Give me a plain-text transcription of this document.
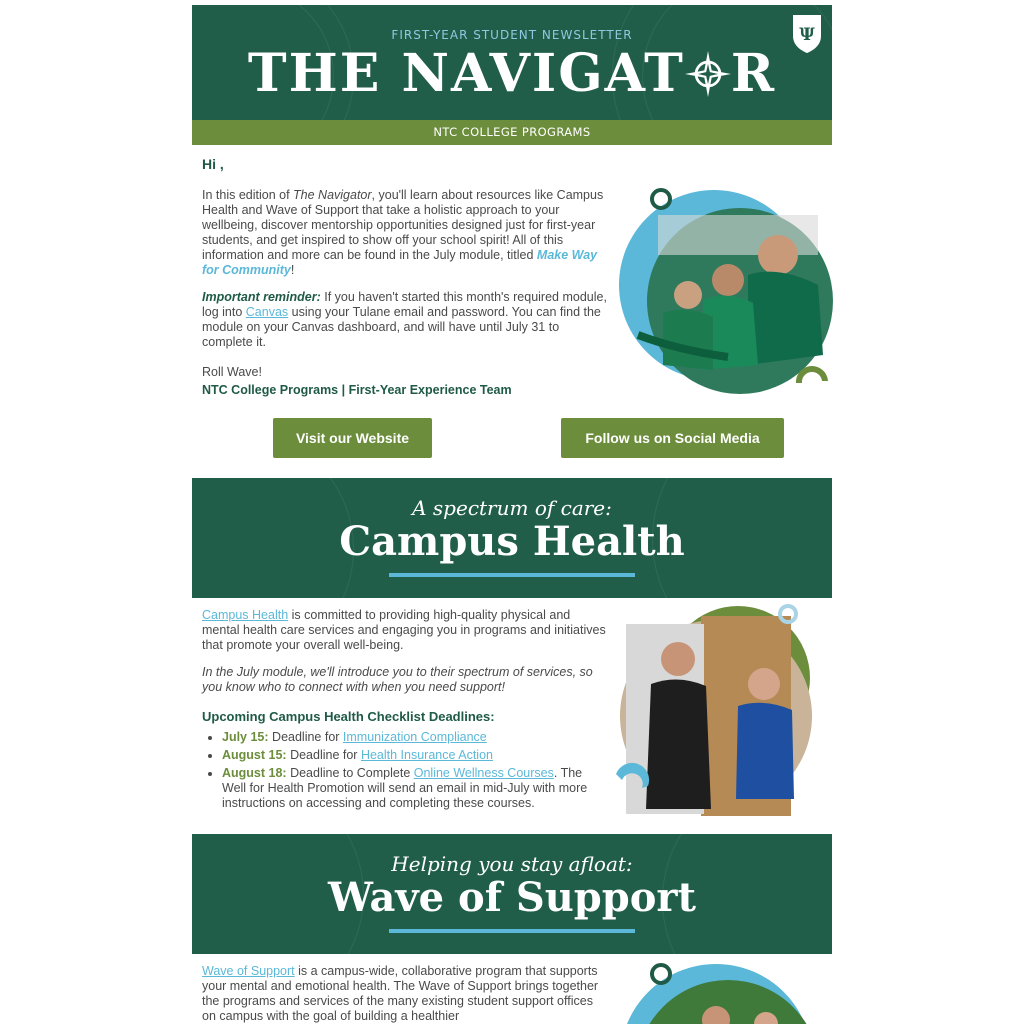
FIRST-YEAR STUDENT NEWSLETTER
THE NAVIGAT R
Ψ
NTC COLLEGE PROGRAMS
Hi ,

In this edition of The Navigator, you'll learn about resources like Campus Health and Wave of Support that take a holistic approach to your wellbeing, discover mentorship opportunities designed just for first-year students, and get inspired to show off your school spirit! All of this information and more can be found in the July module, titled Make Way for Community!

Important reminder: If you haven't started this month's required module, log into Canvas using your Tulane email and password. You can find the module on your Canvas dashboard, and will have until July 31 to complete it.

Roll Wave!
NTC College Programs | First-Year Experience Team
Visit our Website	Follow us on Social Media
A spectrum of care:
Campus Health

Campus Health is committed to providing high-quality physical and mental health care services and engaging you in programs and initiatives that promote your overall well-being.

In the July module, we'll introduce you to their spectrum of services, so you know who to connect with when you need support!
Upcoming Campus Health Checklist Deadlines:
• July 15: Deadline for Immunization Compliance
• August 15: Deadline for Health Insurance Action
• August 18: Deadline to Complete Online Wellness Courses. The Well for Health Promotion will send an email in mid-July with more instructions on accessing and completing these courses.
Helping you stay afloat:
Wave of Support

Wave of Support is a campus-wide, collaborative program that supports your mental and emotional health. The Wave of Support brings together the programs and services of the many existing student support offices on campus with the goal of building a healthier
